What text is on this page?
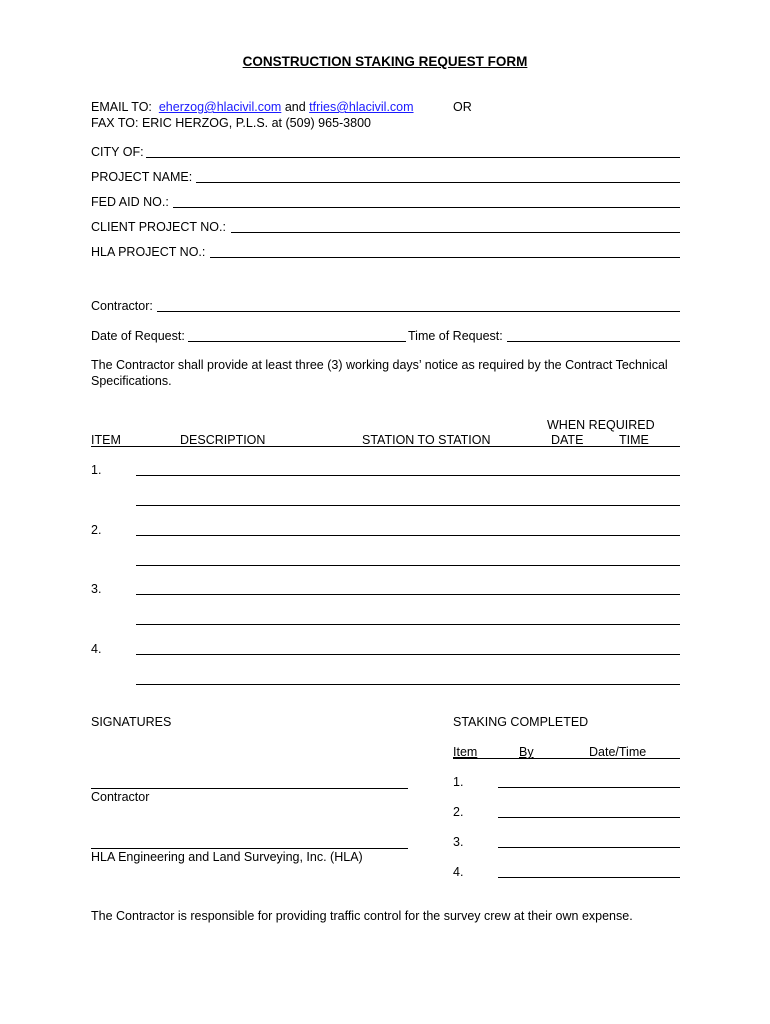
CONSTRUCTION STAKING REQUEST FORM
EMAIL TO: eherzog@hlacivil.com and tfries@hlacivil.com	OR
FAX TO: ERIC HERZOG, P.L.S. at (509) 965-3800
CITY OF:
PROJECT NAME:
FED AID NO.:
CLIENT PROJECT NO.:
HLA PROJECT NO.:
Contractor:
Date of Request:	Time of Request:
The Contractor shall provide at least three (3) working days’ notice as required by the Contract Technical Specifications.
WHEN REQUIRED
ITEM	DESCRIPTION	STATION TO STATION	DATE	TIME
1.
2.
3.
4.
SIGNATURES
Contractor
HLA Engineering and Land Surveying, Inc. (HLA)
STAKING COMPLETED
Item	By	Date/Time
1.
2.
3.
4.
The Contractor is responsible for providing traffic control for the survey crew at their own expense.
